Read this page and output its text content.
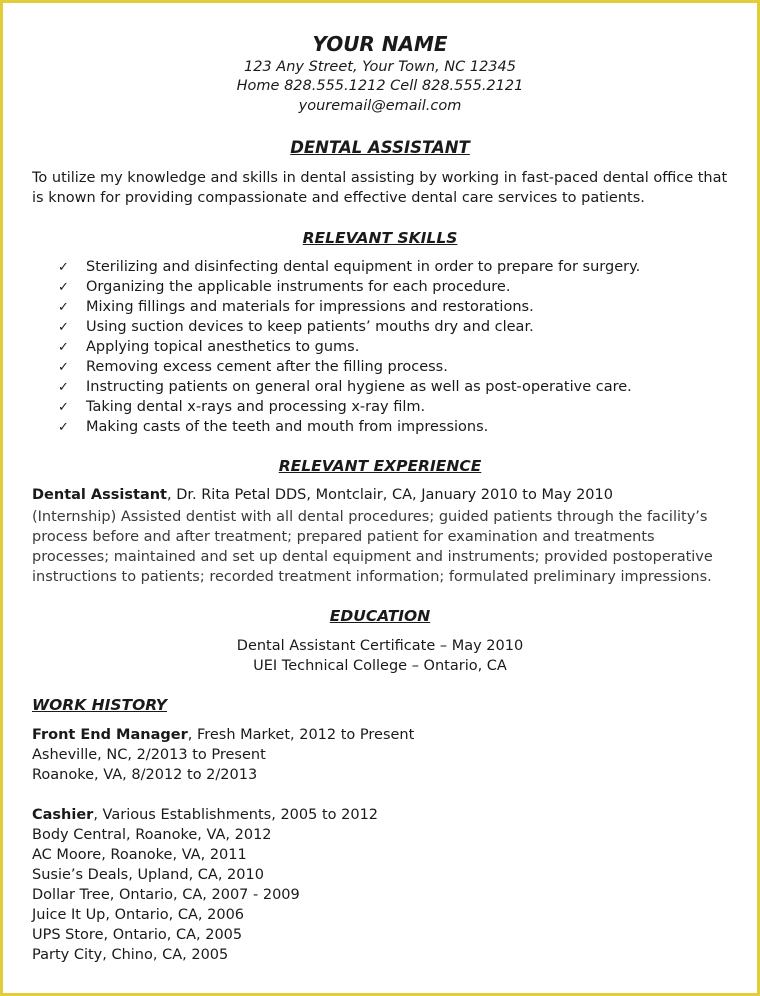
YOUR NAME
123 Any Street, Your Town, NC 12345
Home 828.555.1212 Cell 828.555.2121
youremail@email.com
DENTAL ASSISTANT
To utilize my knowledge and skills in dental assisting by working in fast-paced dental office that is known for providing compassionate and effective dental care services to patients.
RELEVANT SKILLS
✓ Sterilizing and disinfecting dental equipment in order to prepare for surgery.
✓ Organizing the applicable instruments for each procedure.
✓ Mixing fillings and materials for impressions and restorations.
✓ Using suction devices to keep patients’ mouths dry and clear.
✓ Applying topical anesthetics to gums.
✓ Removing excess cement after the filling process.
✓ Instructing patients on general oral hygiene as well as post-operative care.
✓ Taking dental x-rays and processing x-ray film.
✓ Making casts of the teeth and mouth from impressions.
RELEVANT EXPERIENCE
Dental Assistant, Dr. Rita Petal DDS, Montclair, CA, January 2010 to May 2010
(Internship) Assisted dentist with all dental procedures; guided patients through the facility’s process before and after treatment; prepared patient for examination and treatments processes; maintained and set up dental equipment and instruments; provided postoperative instructions to patients; recorded treatment information; formulated preliminary impressions.
EDUCATION
Dental Assistant Certificate – May 2010
UEI Technical College – Ontario, CA
WORK HISTORY
Front End Manager, Fresh Market, 2012 to Present
Asheville, NC, 2/2013 to Present
Roanoke, VA, 8/2012 to 2/2013
Cashier, Various Establishments, 2005 to 2012
Body Central, Roanoke, VA, 2012
AC Moore, Roanoke, VA, 2011
Susie’s Deals, Upland, CA, 2010
Dollar Tree, Ontario, CA, 2007 - 2009
Juice It Up, Ontario, CA, 2006
UPS Store, Ontario, CA, 2005
Party City, Chino, CA, 2005
